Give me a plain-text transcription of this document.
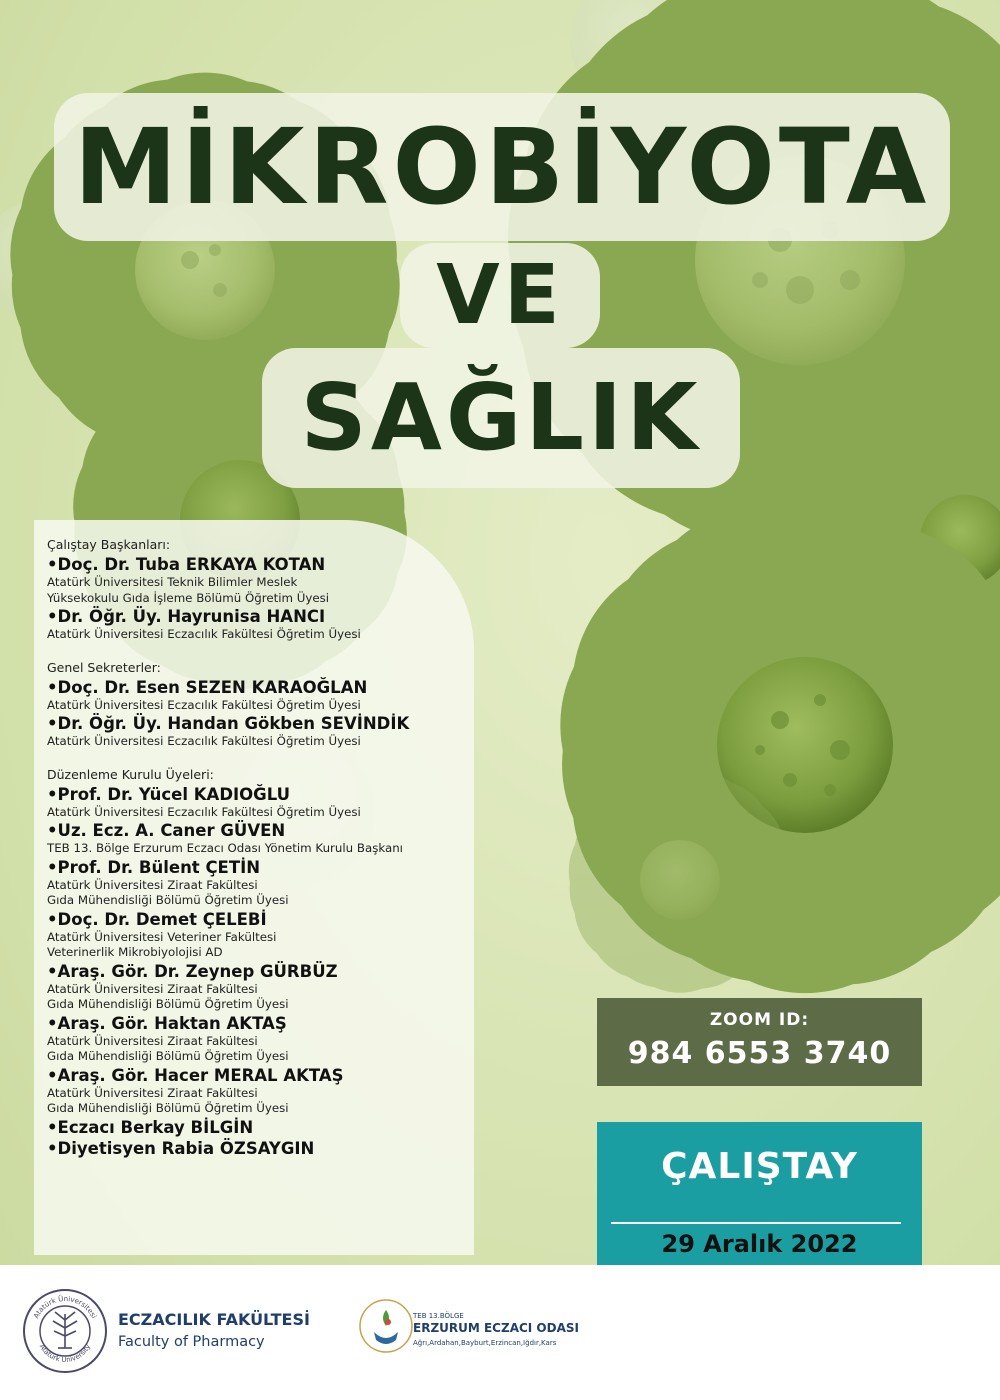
MİKROBİYOTA
VE
SAĞLIK
Çalıştay Başkanları:
•Doç. Dr. Tuba ERKAYA KOTAN
Atatürk Üniversitesi Teknik Bilimler Meslek
Yüksekokulu Gıda İşleme Bölümü Öğretim Üyesi
•Dr. Öğr. Üy. Hayrunisa HANCI
Atatürk Üniversitesi Eczacılık Fakültesi Öğretim Üyesi
Genel Sekreterler:
•Doç. Dr. Esen SEZEN KARAOĞLAN
Atatürk Üniversitesi Eczacılık Fakültesi Öğretim Üyesi
•Dr. Öğr. Üy. Handan Gökben SEVİNDİK
Atatürk Üniversitesi Eczacılık Fakültesi Öğretim Üyesi
Düzenleme Kurulu Üyeleri:
•Prof. Dr. Yücel KADIOĞLU
Atatürk Üniversitesi Eczacılık Fakültesi Öğretim Üyesi
•Uz. Ecz. A. Caner GÜVEN
TEB 13. Bölge Erzurum Eczacı Odası Yönetim Kurulu Başkanı
•Prof. Dr. Bülent ÇETİN
Atatürk Üniversitesi Ziraat Fakültesi
Gıda Mühendisliği Bölümü Öğretim Üyesi
•Doç. Dr. Demet ÇELEBİ
Atatürk Üniversitesi Veteriner Fakültesi
Veterinerlik Mikrobiyolojisi AD
•Araş. Gör. Dr. Zeynep GÜRBÜZ
Atatürk Üniversitesi Ziraat Fakültesi
Gıda Mühendisliği Bölümü Öğretim Üyesi
•Araş. Gör. Haktan AKTAŞ
Atatürk Üniversitesi Ziraat Fakültesi
Gıda Mühendisliği Bölümü Öğretim Üyesi
•Araş. Gör. Hacer MERAL AKTAŞ
Atatürk Üniversitesi Ziraat Fakültesi
Gıda Mühendisliği Bölümü Öğretim Üyesi
•Eczacı Berkay BİLGİN
•Diyetisyen Rabia ÖZSAYGIN
ZOOM ID:
984 6553 3740
ÇALIŞTAY
29 Aralık 2022
Atatürk Üniversitesi
Atatürk University
ECZACILIK FAKÜLTESİ
Faculty of Pharmacy
TEB 13.BÖLGE
ERZURUM ECZACI ODASI
Ağrı,Ardahan,Bayburt,Erzincan,Iğdır,Kars
